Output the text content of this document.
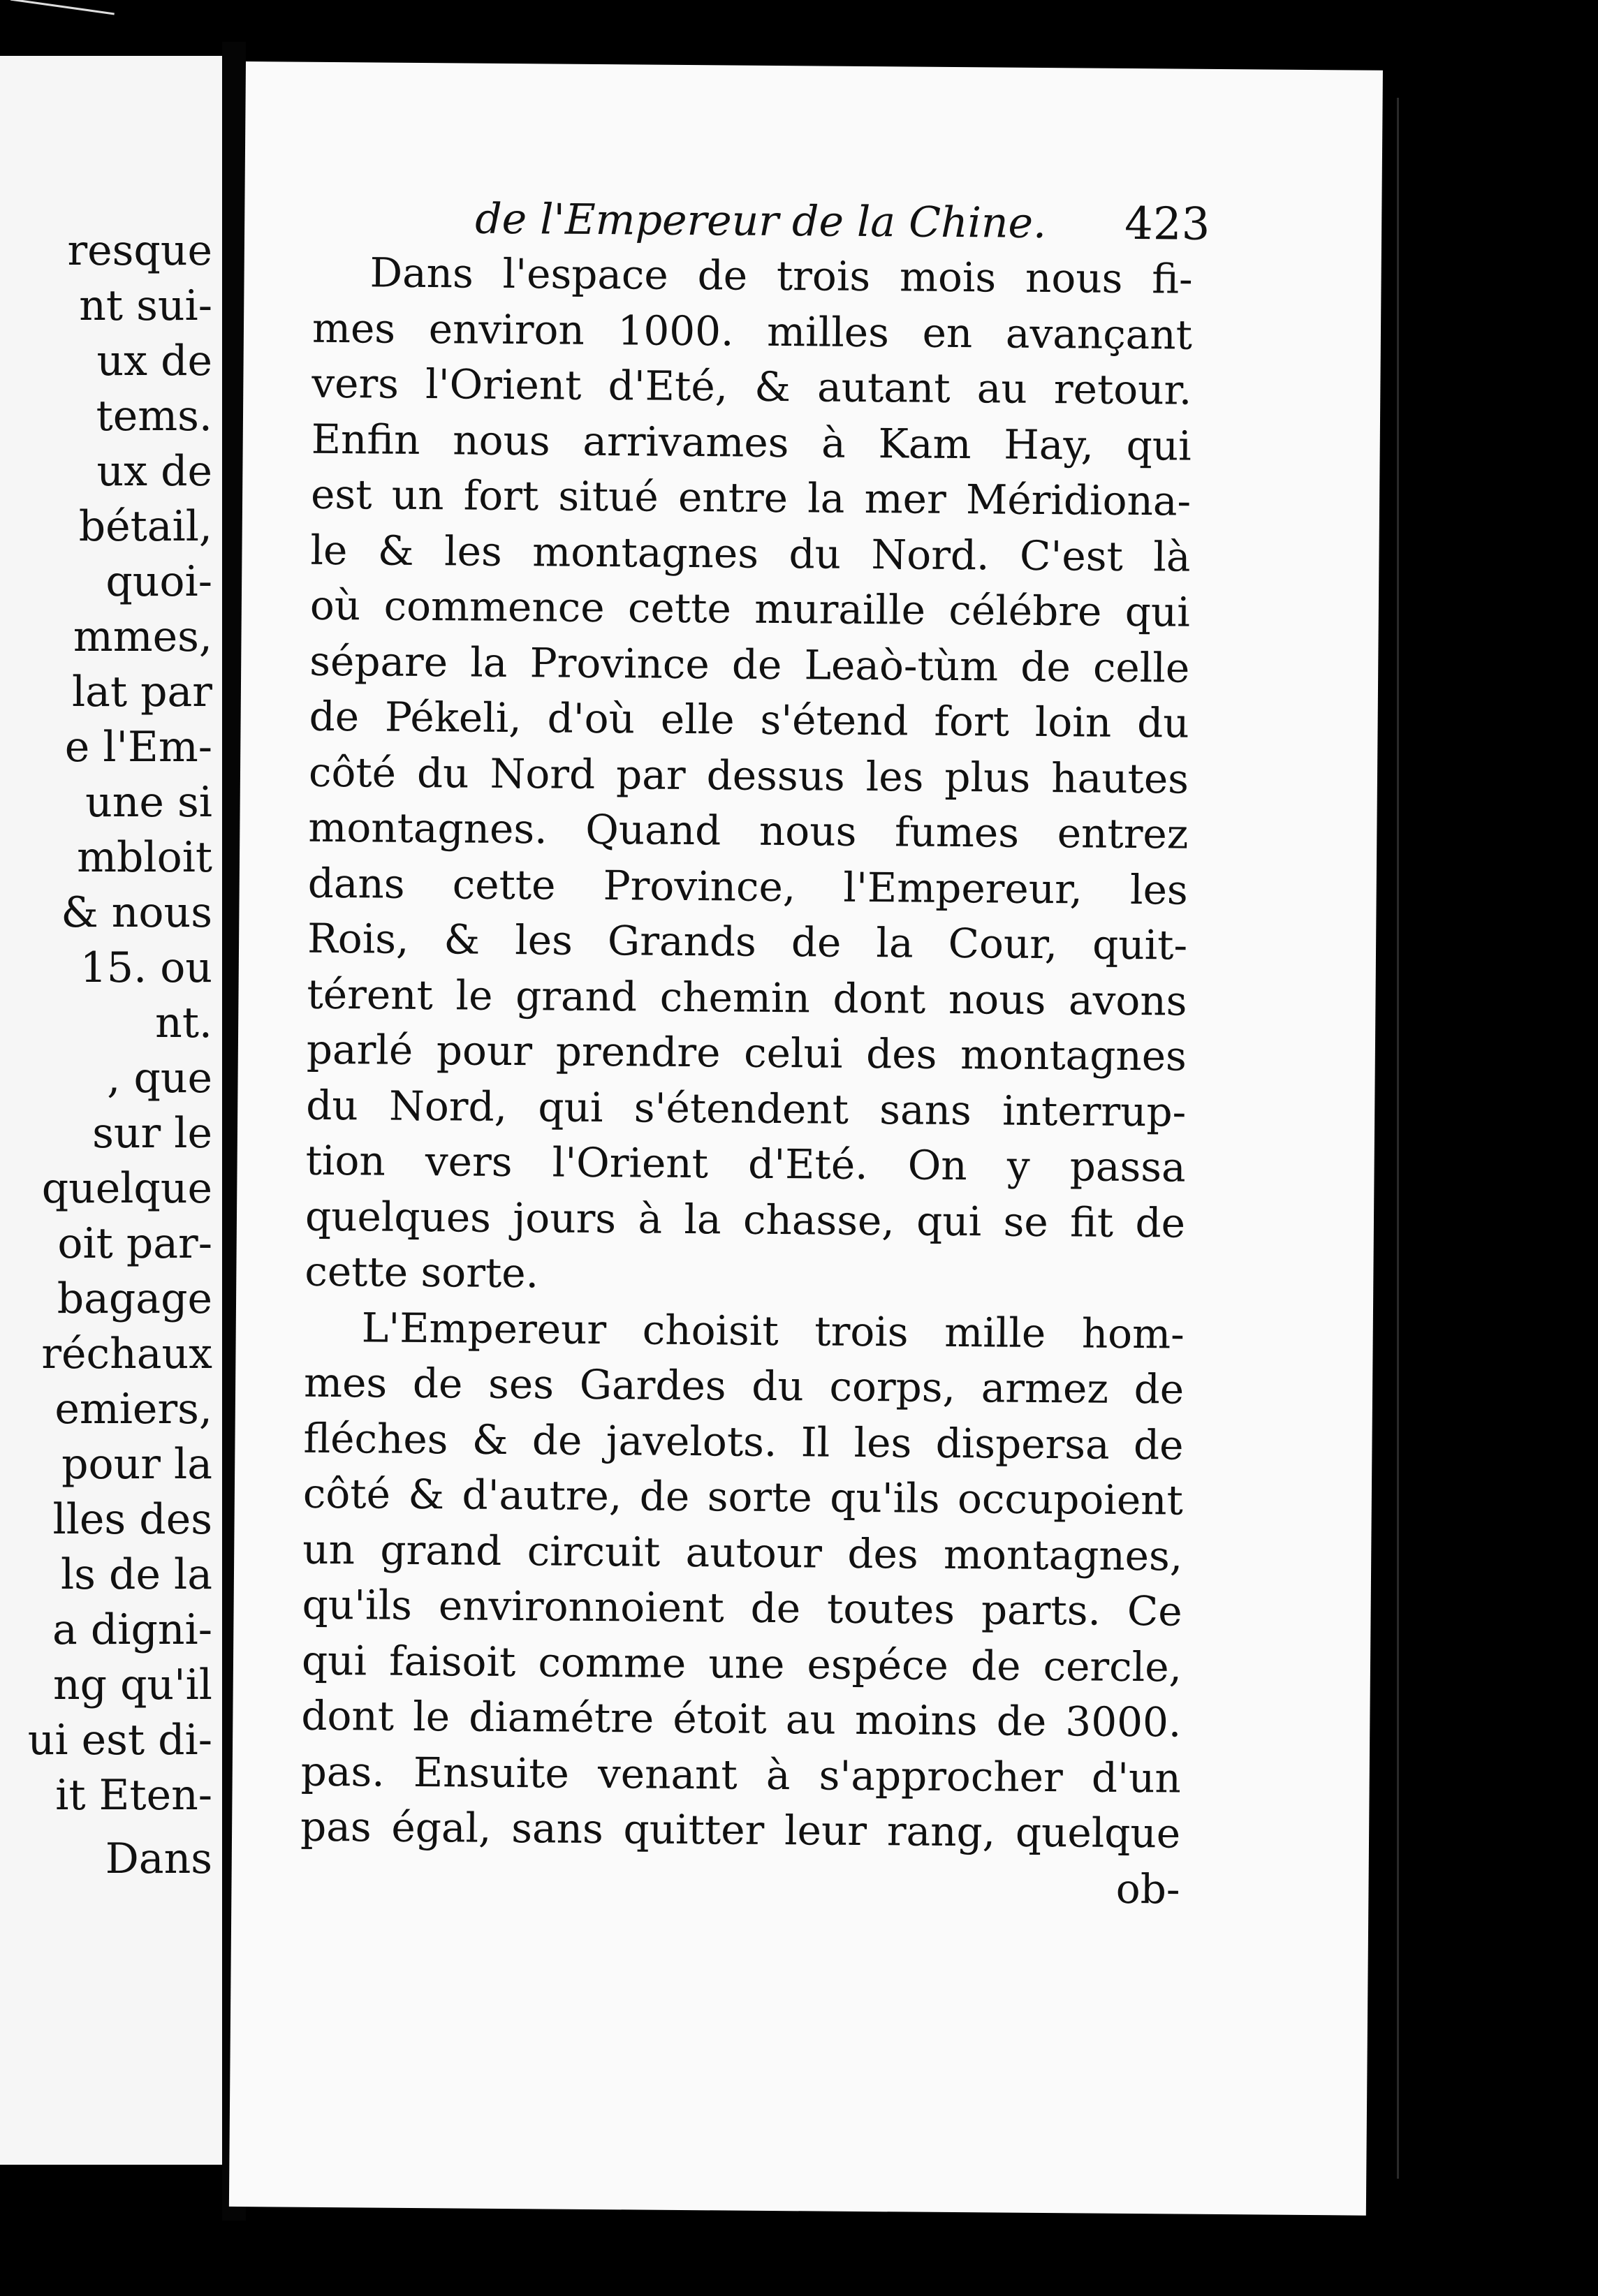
resque
nt sui-
ux de
tems.
ux de
bétail,
quoi-
mmes,
lat par
e l'Em-
une si
mbloit
& nous
15. ou
nt.
, que
sur le
quelque
oit par-
bagage
réchaux
emiers,
pour la
lles des
ls de la
a digni-
ng qu'il
ui est di-
it Eten-
Dans
de l'Empereur de la Chine.	423
Dans l'espace de trois mois nous fi-
mes environ 1000. milles en avançant
vers l'Orient d'Eté, & autant au retour.
Enfin nous arrivames à Kam Hay, qui
est un fort situé entre la mer Méridiona-
le & les montagnes du Nord. C'est là
où commence cette muraille célébre qui
sépare la Province de Leaò-tùm de celle
de Pékeli, d'où elle s'étend fort loin du
côté du Nord par dessus les plus hautes
montagnes. Quand nous fumes entrez
dans cette Province, l'Empereur, les
Rois, & les Grands de la Cour, quit-
térent le grand chemin dont nous avons
parlé pour prendre celui des montagnes
du Nord, qui s'étendent sans interrup-
tion vers l'Orient d'Eté. On y passa
quelques jours à la chasse, qui se fit de
cette sorte.
L'Empereur choisit trois mille hom-
mes de ses Gardes du corps, armez de
fléches & de javelots. Il les dispersa de
côté & d'autre, de sorte qu'ils occupoient
un grand circuit autour des montagnes,
qu'ils environnoient de toutes parts. Ce
qui faisoit comme une espéce de cercle,
dont le diamétre étoit au moins de 3000.
pas. Ensuite venant à s'approcher d'un
pas égal, sans quitter leur rang, quelque
ob-
